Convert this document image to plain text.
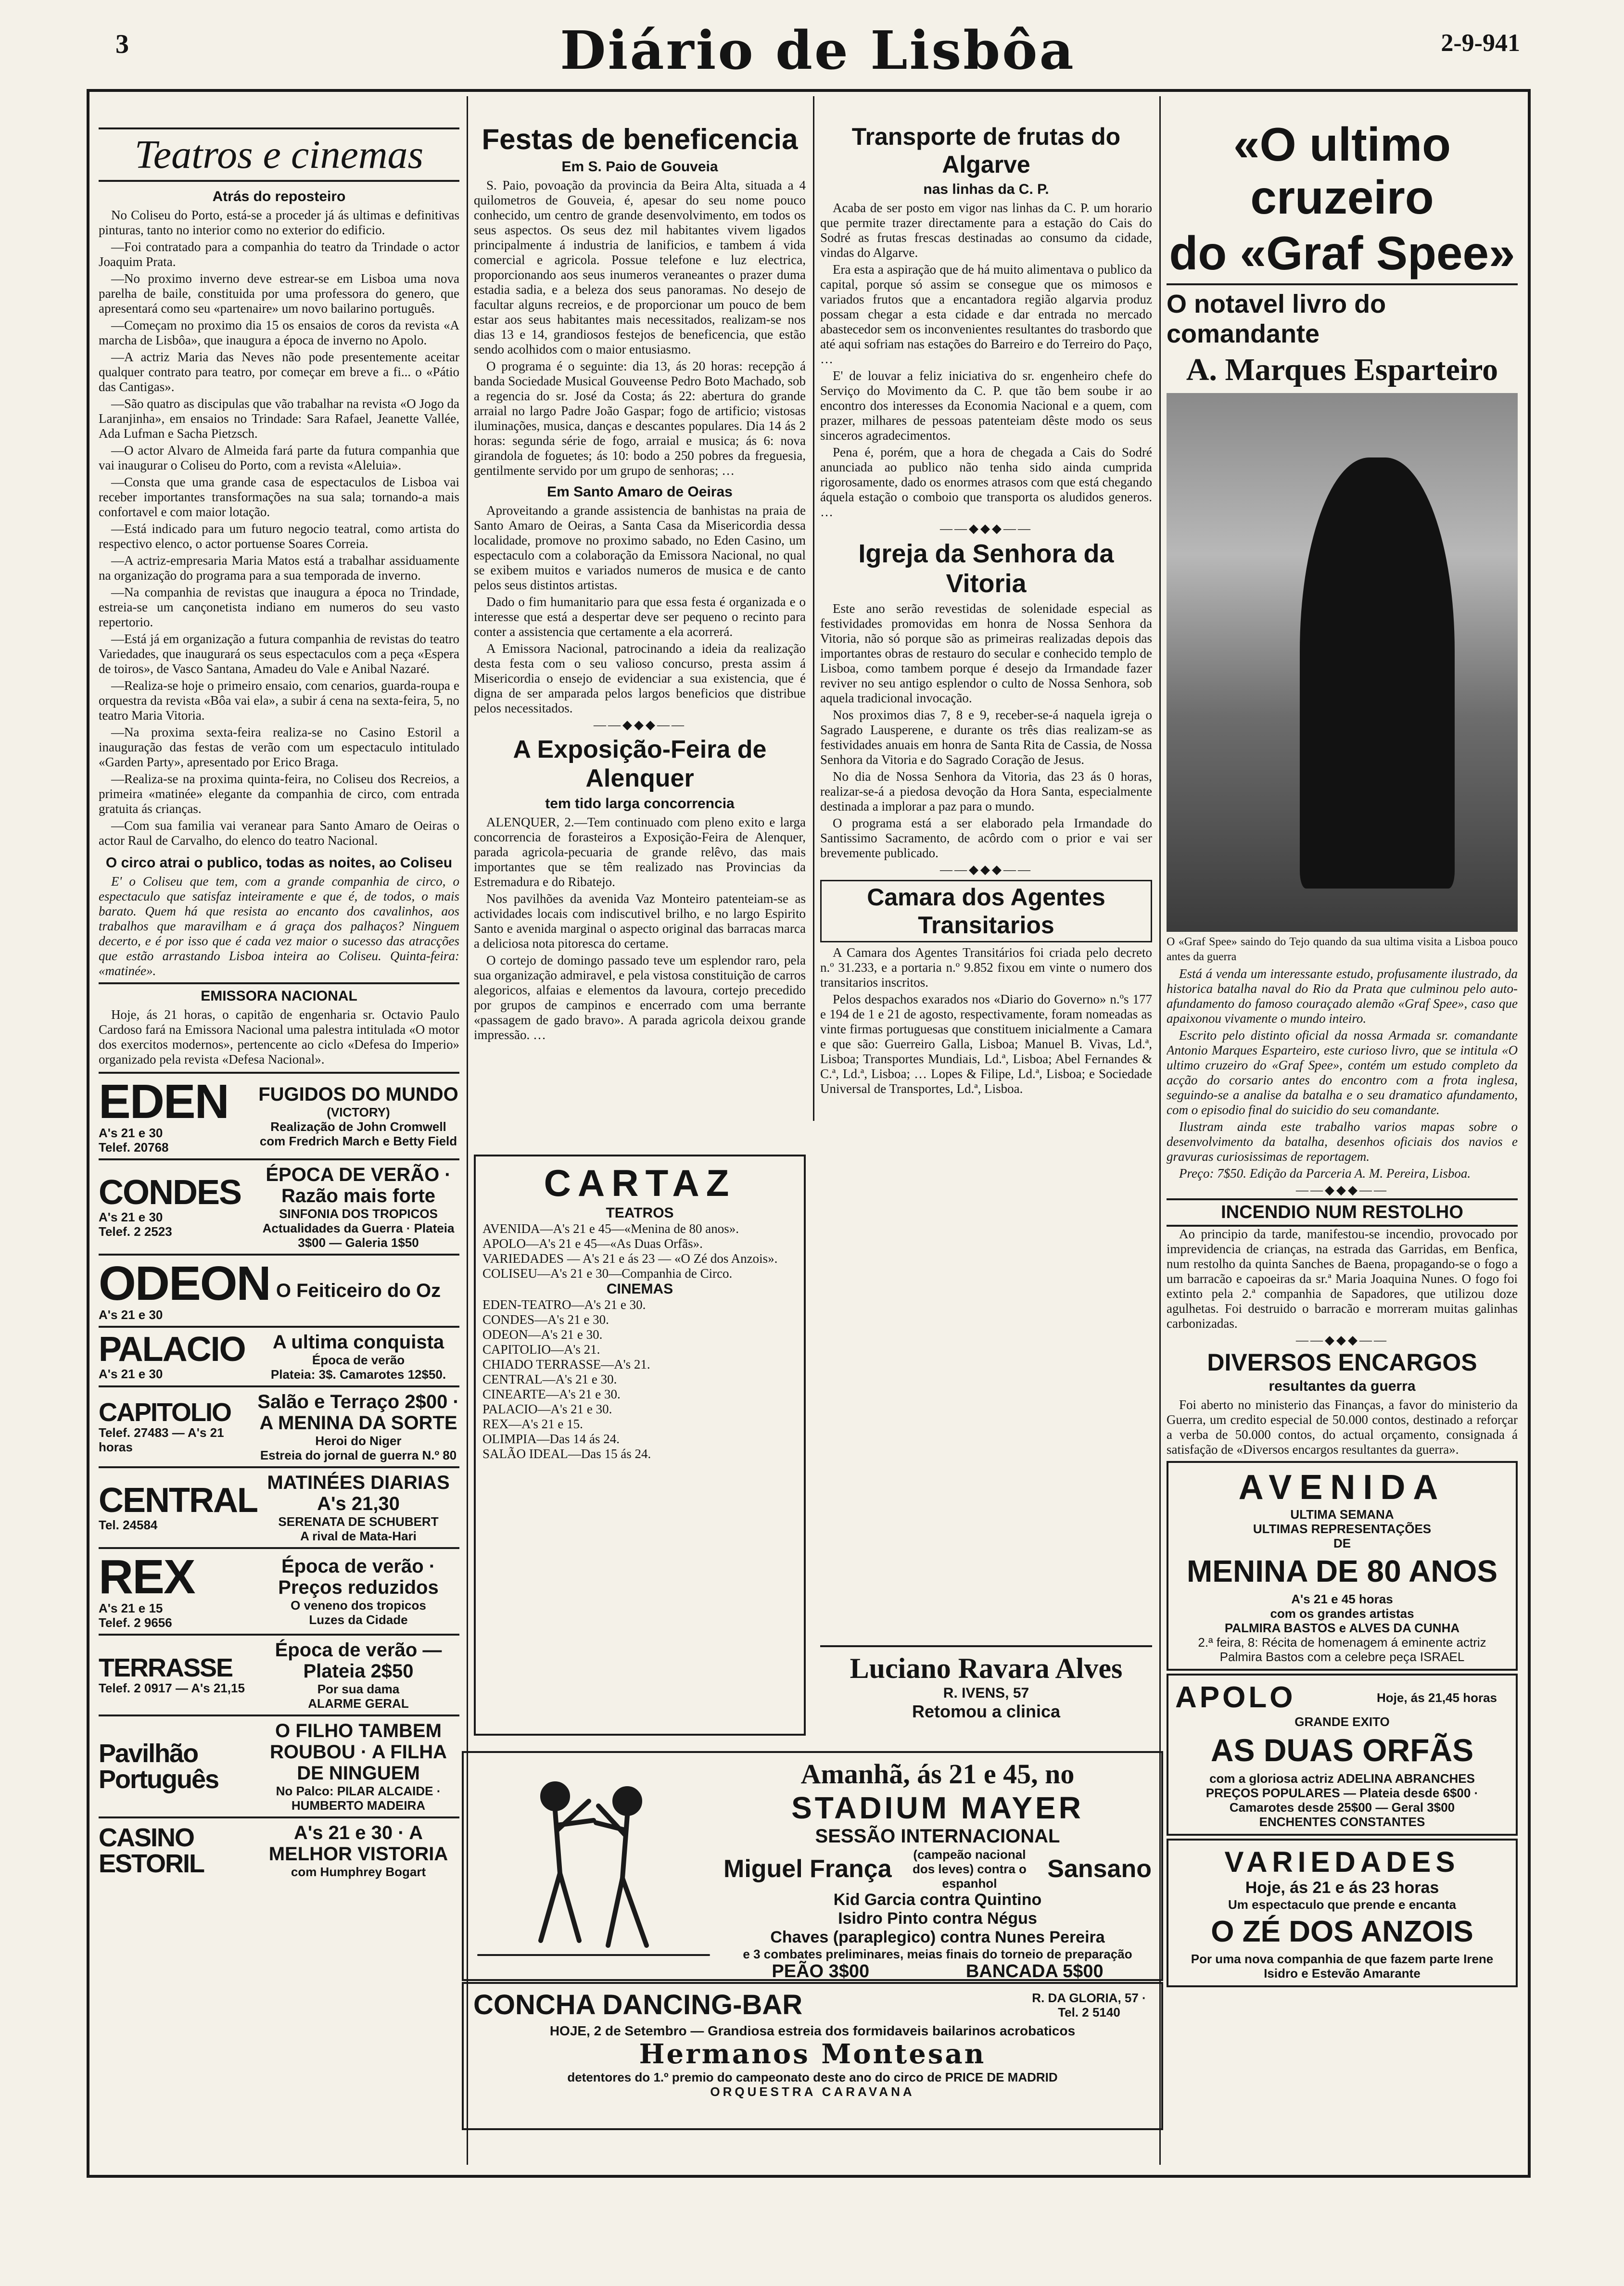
3	Diário de Lisbôa	2-9-941
Teatros e cinemas
Atrás do reposteiro

No Coliseu do Porto, está-se a proceder já ás ultimas e definitivas pinturas, tanto no interior como no exterior do edificio.

—Foi contratado para a companhia do teatro da Trindade o actor Joaquim Prata.

—No proximo inverno deve estrear-se em Lisboa uma nova parelha de baile, constituida por uma professora do genero, que apresentará como seu «partenaire» um novo bailarino português.

—Começam no proximo dia 15 os ensaios de coros da revista «A marcha de Lisbôa», que inaugura a época de inverno no Apolo.

—A actriz Maria das Neves não pode presentemente aceitar qualquer contrato para teatro, por começar em breve a fi... o «Pátio das Cantigas».

—São quatro as discipulas que vão trabalhar na revista «O Jogo da Laranjinha», em ensaios no Trindade: Sara Rafael, Jeanette Vallée, Ada Lufman e Sacha Pietzsch.

—O actor Alvaro de Almeida fará parte da futura companhia que vai inaugurar o Coliseu do Porto, com a revista «Aleluia».

—Consta que uma grande casa de espectaculos de Lisboa vai receber importantes transformações na sua sala; tornando-a mais confortavel e com maior lotação.

—Está indicado para um futuro negocio teatral, como artista do respectivo elenco, o actor portuense Soares Correia.

—A actriz-empresaria Maria Matos está a trabalhar assiduamente na organização do programa para a sua temporada de inverno.

—Na companhia de revistas que inaugura a época no Trindade, estreia-se um cançonetista indiano em numeros do seu vasto repertorio.

—Está já em organização a futura companhia de revistas do teatro Variedades, que inaugurará os seus espectaculos com a peça «Espera de toiros», de Vasco Santana, Amadeu do Vale e Anibal Nazaré.

—Realiza-se hoje o primeiro ensaio, com cenarios, guarda-roupa e orquestra da revista «Bôa vai ela», a subir á cena na sexta-feira, 5, no teatro Maria Vitoria.

—Na proxima sexta-feira realiza-se no Casino Estoril a inauguração das festas de verão com um espectaculo intitulado «Garden Party», apresentado por Erico Braga.

—Realiza-se na proxima quinta-feira, no Coliseu dos Recreios, a primeira «matinée» elegante da companhia de circo, com entrada gratuita ás crianças.

—Com sua familia vai veranear para Santo Amaro de Oeiras o actor Raul de Carvalho, do elenco do teatro Nacional.

O circo atrai o publico, todas as noites, ao Coliseu

E' o Coliseu que tem, com a grande companhia de circo, o espectaculo que satisfaz inteiramente e que é, de todos, o mais barato. Quem há que resista ao encanto dos cavalinhos, aos trabalhos que maravilham e á graça dos palhaços? Ninguem decerto, e é por isso que é cada vez maior o sucesso das atracções que estão arrastando Lisboa inteira ao Coliseu. Quinta-feira: «matinée».

EMISSORA NACIONAL

Hoje, ás 21 horas, o capitão de engenharia sr. Octavio Paulo Cardoso fará na Emissora Nacional uma palestra intitulada «O motor dos exercitos modernos», pertencente ao ciclo «Defesa do Imperio» organizado pela revista «Defesa Nacional».

EDEN
A's 21 e 30
Telef. 20768
FUGIDOS DO MUNDO
(VICTORY)
Realização de John Cromwell com Fredrich March e Betty Field
CONDES
A's 21 e 30
Telef. 2 2523
ÉPOCA DE VERÃO · Razão mais forte
SINFONIA DOS TROPICOS
Actualidades da Guerra · Plateia 3$00 — Galeria 1$50
ODEON
A's 21 e 30
O Feiticeiro do Oz
PALACIO
A's 21 e 30
A ultima conquista
Época de verão
Plateia: 3$. Camarotes 12$50.
CAPITOLIO
Telef. 27483 — A's 21 horas
Salão e Terraço 2$00 · A MENINA DA SORTE
Heroi do Niger
Estreia do jornal de guerra N.º 80
CENTRAL
Tel. 24584
MATINÉES DIARIAS A's 21,30
SERENATA DE SCHUBERT
A rival de Mata-Hari
REX
A's 21 e 15
Telef. 2 9656
Época de verão · Preços reduzidos
O veneno dos tropicos
Luzes da Cidade
TERRASSE
Telef. 2 0917 — A's 21,15
Época de verão — Plateia 2$50
Por sua dama
ALARME GERAL
Pavilhão Português
O FILHO TAMBEM ROUBOU · A FILHA DE NINGUEM
No Palco: PILAR ALCAIDE · HUMBERTO MADEIRA
CASINO ESTORIL
A's 21 e 30 · A MELHOR VISTORIA
com Humphrey Bogart
Festas de beneficencia
Em S. Paio de Gouveia

S. Paio, povoação da provincia da Beira Alta, situada a 4 quilometros de Gouveia, é, apesar do seu nome pouco conhecido, um centro de grande desenvolvimento, em todos os seus aspectos. Os seus dez mil habitantes vivem ligados principalmente á industria de lanificios, e tambem á vida comercial e agricola. Possue telefone e luz electrica, proporcionando aos seus inumeros veraneantes o prazer duma estadia sadia, e a beleza dos seus panoramas. No desejo de facultar alguns recreios, e de proporcionar um pouco de bem estar aos seus habitantes mais necessitados, realizam-se nos dias 13 e 14, grandiosos festejos de beneficencia, que estão sendo acolhidos com o maior entusiasmo.

O programa é o seguinte: dia 13, ás 20 horas: recepção á banda Sociedade Musical Gouveense Pedro Boto Machado, sob a regencia do sr. José da Costa; ás 22: abertura do grande arraial no largo Padre João Gaspar; fogo de artificio; vistosas iluminações, musica, danças e descantes populares. Dia 14 ás 2 horas: segunda série de fogo, arraial e musica; ás 6: nova girandola de foguetes; ás 10: bodo a 250 pobres da freguesia, gentilmente servido por um grupo de senhoras; …

Em Santo Amaro de Oeiras

Aproveitando a grande assistencia de banhistas na praia de Santo Amaro de Oeiras, a Santa Casa da Misericordia dessa localidade, promove no proximo sabado, no Eden Casino, um espectaculo com a colaboração da Emissora Nacional, no qual se exibem muitos e variados numeros de musica e de canto pelos seus distintos artistas.

Dado o fim humanitario para que essa festa é organizada e o interesse que está a despertar deve ser pequeno o recinto para conter a assistencia que certamente a ela acorrerá.

A Emissora Nacional, patrocinando a ideia da realização desta festa com o seu valioso concurso, presta assim á Misericordia o ensejo de evidenciar a sua existencia, que é digna de ser amparada pelos largos beneficios que distribue pelos necessitados.

——◆◆◆——
A Exposição-Feira de Alenquer
tem tido larga concorrencia

ALENQUER, 2.—Tem continuado com pleno exito e larga concorrencia de forasteiros a Exposição-Feira de Alenquer, parada agricola-pecuaria de grande relêvo, das mais importantes que se têm realizado nas Provincias da Estremadura e do Ribatejo.

Nos pavilhões da avenida Vaz Monteiro patenteiam-se as actividades locais com indiscutivel brilho, e no largo Espirito Santo e avenida marginal o aspecto original das barracas marca a deliciosa nota pitoresca do certame.

O cortejo de domingo passado teve um esplendor raro, pela sua organização admiravel, e pela vistosa constituição de carros alegoricos, alfaias e elementos da lavoura, cortejo precedido por grupos de campinos e encerrado com uma berrante «passagem de gado bravo». A parada agricola deixou grande impressão. …

Transporte de frutas do Algarve
nas linhas da C. P.

Acaba de ser posto em vigor nas linhas da C. P. um horario que permite trazer directamente para a estação do Cais do Sodré as frutas frescas destinadas ao consumo da cidade, vindas do Algarve.

Era esta a aspiração que de há muito alimentava o publico da capital, porque só assim se consegue que os mimosos e variados frutos que a encantadora região algarvia produz possam chegar a esta cidade e dar entrada no mercado abastecedor sem os inconvenientes resultantes do trasbordo que até aqui sofriam nas estações do Barreiro e do Terreiro do Paço, …

E' de louvar a feliz iniciativa do sr. engenheiro chefe do Serviço do Movimento da C. P. que tão bem soube ir ao encontro dos interesses da Economia Nacional e a quem, com prazer, milhares de pessoas patenteiam dêste modo os seus sinceros agradecimentos.

Pena é, porém, que a hora de chegada a Cais do Sodré anunciada ao publico não tenha sido ainda cumprida rigorosamente, dado os enormes atrasos com que está chegando áquela estação o comboio que transporta os aludidos generos. …

——◆◆◆——
Igreja da Senhora da Vitoria

Este ano serão revestidas de solenidade especial as festividades promovidas em honra de Nossa Senhora da Vitoria, não só porque são as primeiras realizadas depois das importantes obras de restauro do secular e conhecido templo de Lisboa, como tambem porque é desejo da Irmandade fazer reviver no seu antigo esplendor o culto de Nossa Senhora, sob aquela tradicional invocação.

Nos proximos dias 7, 8 e 9, receber-se-á naquela igreja o Sagrado Lausperene, e durante os três dias realizam-se as festividades anuais em honra de Santa Rita de Cassia, de Nossa Senhora da Vitoria e do Sagrado Coração de Jesus.

No dia de Nossa Senhora da Vitoria, das 23 ás 0 horas, realizar-se-á a piedosa devoção da Hora Santa, especialmente destinada a implorar a paz para o mundo.

O programa está a ser elaborado pela Irmandade do Santissimo Sacramento, de acôrdo com o prior e vai ser brevemente publicado.

——◆◆◆——
Camara dos Agentes Transitarios

A Camara dos Agentes Transitários foi criada pelo decreto n.º 31.233, e a portaria n.º 9.852 fixou em vinte o numero dos transitarios inscritos.

Pelos despachos exarados nos «Diario do Governo» n.ºs 177 e 194 de 1 e 21 de agosto, respectivamente, foram nomeadas as vinte firmas portuguesas que constituem inicialmente a Camara e que são: Guerreiro Galla, Lisboa; Manuel B. Vivas, Ld.ª, Lisboa; Transportes Mundiais, Ld.ª, Lisboa; Abel Fernandes & C.ª, Ld.ª, Lisboa; … Lopes & Filipe, Ld.ª, Lisboa; e Sociedade Universal de Transportes, Ld.ª, Lisboa.

CARTAZ
TEATROS

AVENIDA—A's 21 e 45—«Menina de 80 anos».

APOLO—A's 21 e 45—«As Duas Orfãs».

VARIEDADES — A's 21 e ás 23 — «O Zé dos Anzois».

COLISEU—A's 21 e 30—Companhia de Circo.

CINEMAS

EDEN-TEATRO—A's 21 e 30.

CONDES—A's 21 e 30.

ODEON—A's 21 e 30.

CAPITOLIO—A's 21.

CHIADO TERRASSE—A's 21.

CENTRAL—A's 21 e 30.

CINEARTE—A's 21 e 30.

PALACIO—A's 21 e 30.

REX—A's 21 e 15.

OLIMPIA—Das 14 ás 24.

SALÃO IDEAL—Das 15 ás 24.

Luciano Ravara Alves
R. IVENS, 57
Retomou a clinica
Amanhã, ás 21 e 45, no
STADIUM MAYER
SESSÃO INTERNACIONAL
Miguel França
(campeão nacional dos leves) contra o espanhol
Sansano
Kid Garcia contra Quintino
Isidro Pinto contra Négus
Chaves (paraplegico) contra Nunes Pereira
e 3 combates preliminares, meias finais do torneio de preparação
PEÃO 3$00	BANCADA 5$00
CONCHA DANCING-BAR	R. DA GLORIA, 57 · Tel. 2 5140
HOJE, 2 de Setembro — Grandiosa estreia dos formidaveis bailarinos acrobaticos
Hermanos Montesan
detentores do 1.º premio do campeonato deste ano do circo de PRICE DE MADRID
ORQUESTRA CARAVANA
«O ultimo cruzeiro
do «Graf Spee»
O notavel livro do comandante
A. Marques Esparteiro

O «Graf Spee» saindo do Tejo quando da sua ultima visita a Lisboa pouco antes da guerra

Está á venda um interessante estudo, profusamente ilustrado, da historica batalha naval do Rio da Prata que culminou pelo auto-afundamento do famoso couraçado alemão «Graf Spee», caso que apaixonou vivamente o mundo inteiro.

Escrito pelo distinto oficial da nossa Armada sr. comandante Antonio Marques Esparteiro, este curioso livro, que se intitula «O ultimo cruzeiro do «Graf Spee», contém um estudo completo da acção do corsario antes do encontro com a frota inglesa, seguindo-se a analise da batalha e o seu dramatico afundamento, com o episodio final do suicidio do seu comandante.

Ilustram ainda este trabalho varios mapas sobre o desenvolvimento da batalha, desenhos oficiais dos navios e gravuras curiosissimas de reportagem.

Preço: 7$50. Edição da Parceria A. M. Pereira, Lisboa.

——◆◆◆——
INCENDIO NUM RESTOLHO

Ao principio da tarde, manifestou-se incendio, provocado por imprevidencia de crianças, na estrada das Garridas, em Benfica, num restolho da quinta Sanches de Baena, propagando-se o fogo a um barracão e capoeiras da sr.ª Maria Joaquina Nunes. O fogo foi extinto pela 2.ª companhia de Sapadores, que utilizou doze agulhetas. Foi destruido o barracão e morreram muitas galinhas carbonizadas.

——◆◆◆——
DIVERSOS ENCARGOS
resultantes da guerra

Foi aberto no ministerio das Finanças, a favor do ministerio da Guerra, um credito especial de 50.000 contos, destinado a reforçar a verba de 50.000 contos, do actual orçamento, consignada á satisfação de «Diversos encargos resultantes da guerra».

AVENIDA
ULTIMA SEMANA
ULTIMAS REPRESENTAÇÕES
DE
MENINA DE 80 ANOS
A's 21 e 45 horas
com os grandes artistas
PALMIRA BASTOS e ALVES DA CUNHA
2.ª feira, 8: Récita de homenagem á eminente actriz Palmira Bastos com a celebre peça ISRAEL
APOLO	Hoje, ás 21,45 horas
GRANDE EXITO
AS DUAS ORFÃS
com a gloriosa actriz ADELINA ABRANCHES
PREÇOS POPULARES — Plateia desde 6$00 · Camarotes desde 25$00 — Geral 3$00
ENCHENTES CONSTANTES
VARIEDADES
Hoje, ás 21 e ás 23 horas
Um espectaculo que prende e encanta
O ZÉ DOS ANZOIS
Por uma nova companhia de que fazem parte Irene Isidro e Estevão Amarante
